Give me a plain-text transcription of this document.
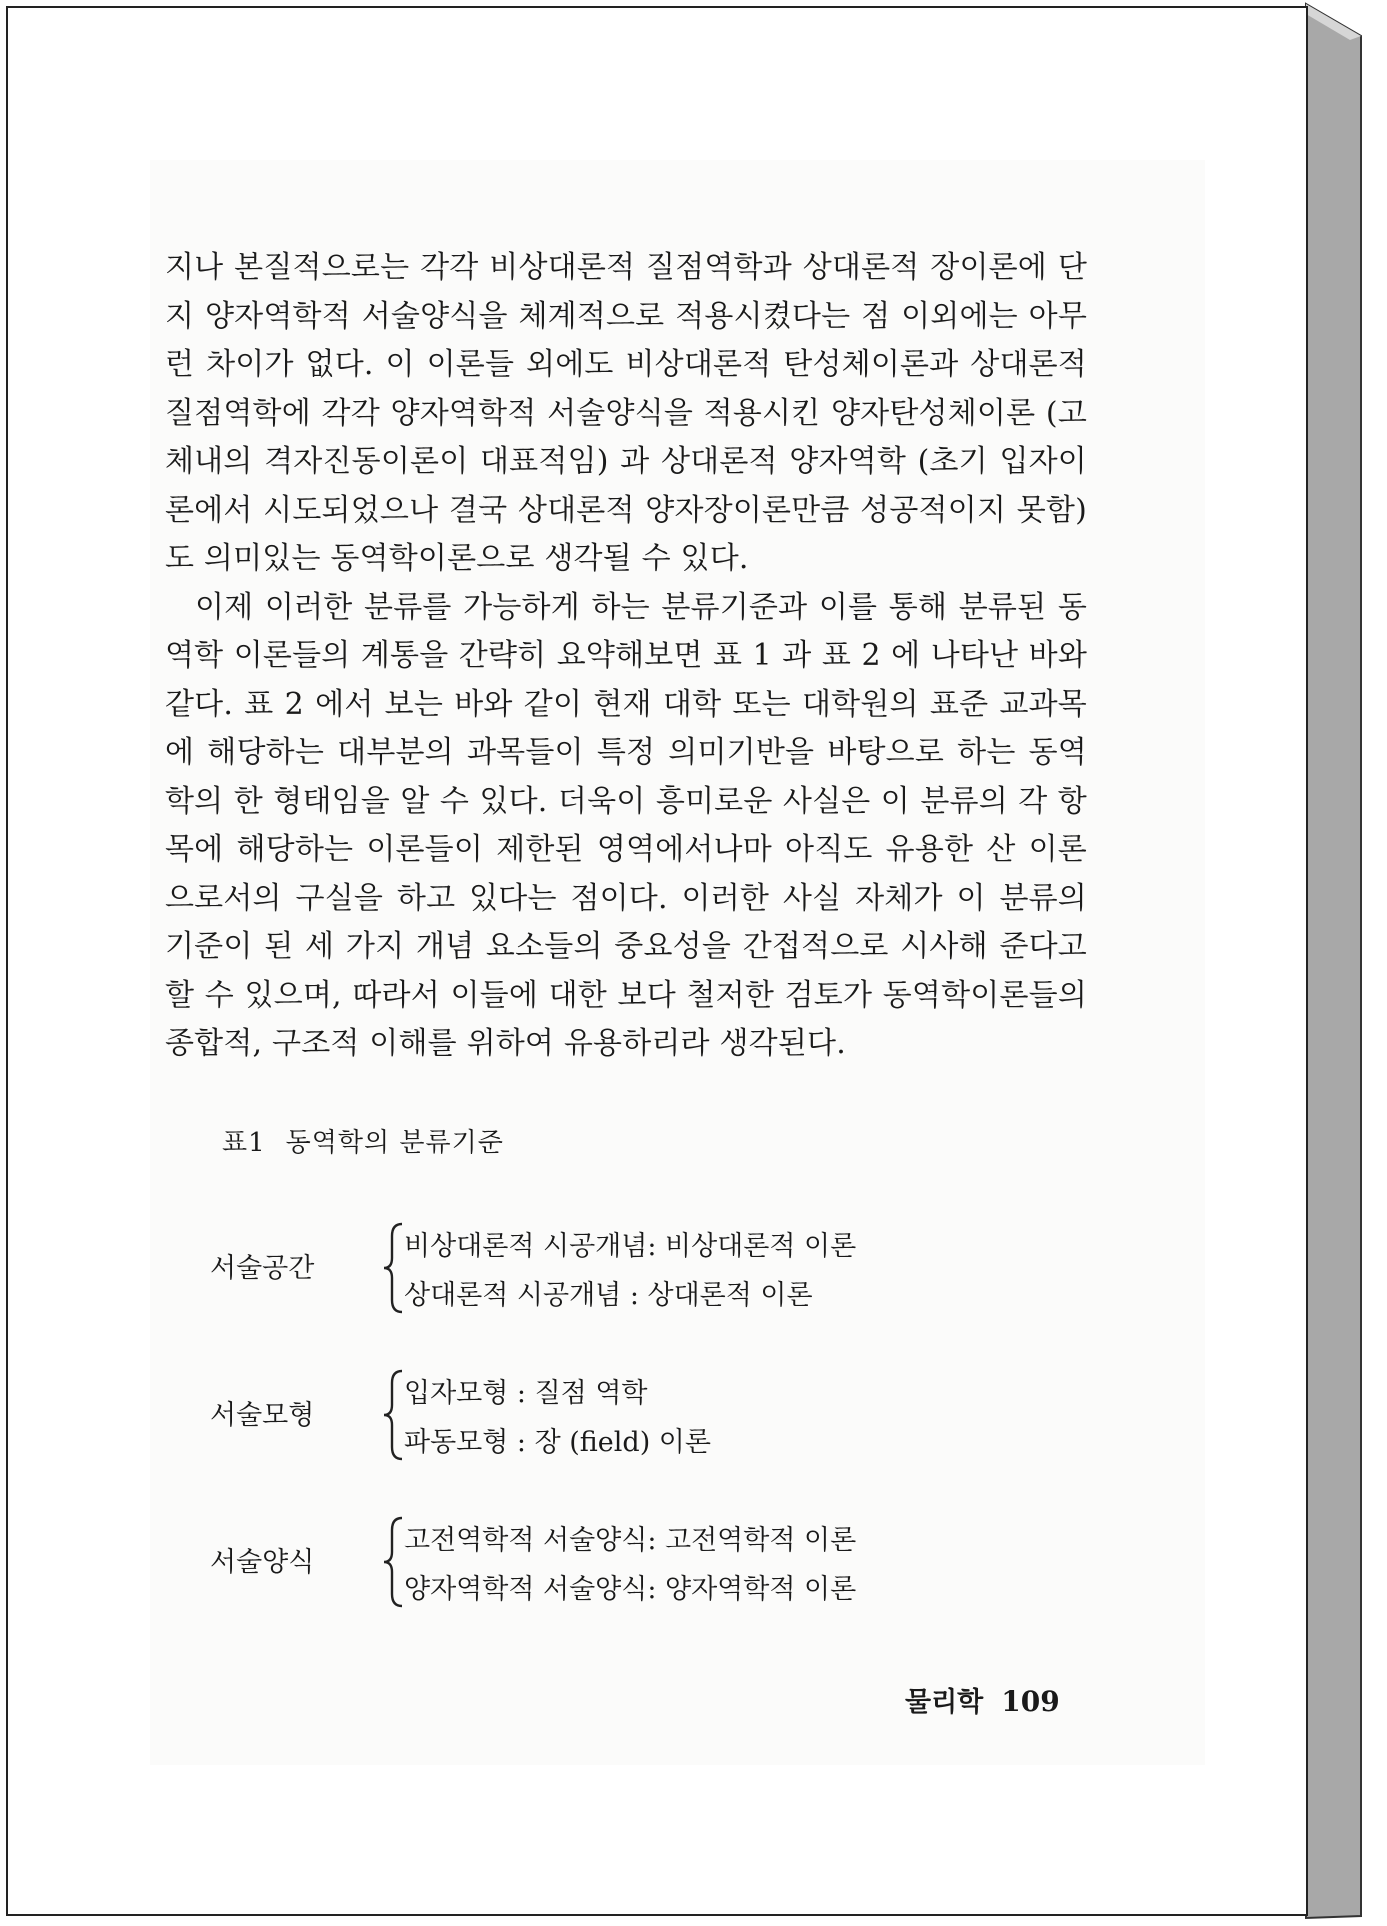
지나 본질적으로는 각각 비상대론적 질점역학과 상대론적 장이론에 단지 양자역학적 서술양식을 체계적으로 적용시켰다는 점 이외에는 아무런 차이가 없다. 이 이론들 외에도 비상대론적 탄성체이론과 상대론적 질점역학에 각각 양자역학적 서술양식을 적용시킨 양자탄성체이론 (고체내의 격자진동이론이 대표적임) 과 상대론적 양자역학 (초기 입자이론에서 시도되었으나 결국 상대론적 양자장이론만큼 성공적이지 못함) 도 의미있는 동역학이론으로 생각될 수 있다.

이제 이러한 분류를 가능하게 하는 분류기준과 이를 통해 분류된 동역학 이론들의 계통을 간략히 요약해보면 표 1 과 표 2 에 나타난 바와 같다. 표 2 에서 보는 바와 같이 현재 대학 또는 대학원의 표준 교과목에 해당하는 대부분의 과목들이 특정 의미기반을 바탕으로 하는 동역학의 한 형태임을 알 수 있다. 더욱이 흥미로운 사실은 이 분류의 각 항목에 해당하는 이론들이 제한된 영역에서나마 아직도 유용한 산 이론으로서의 구실을 하고 있다는 점이다. 이러한 사실 자체가 이 분류의 기준이 된 세 가지 개념 요소들의 중요성을 간접적으로 시사해 준다고 할 수 있으며, 따라서 이들에 대한 보다 철저한 검토가 동역학이론들의 종합적, 구조적 이해를 위하여 유용하리라 생각된다.

표1 동역학의 분류기준
서술공간
비상대론적 시공개념: 비상대론적 이론
상대론적 시공개념 : 상대론적 이론
서술모형
입자모형 : 질점 역학
파동모형 : 장 (field) 이론
서술양식
고전역학적 서술양식: 고전역학적 이론
양자역학적 서술양식: 양자역학적 이론
물리학 109
